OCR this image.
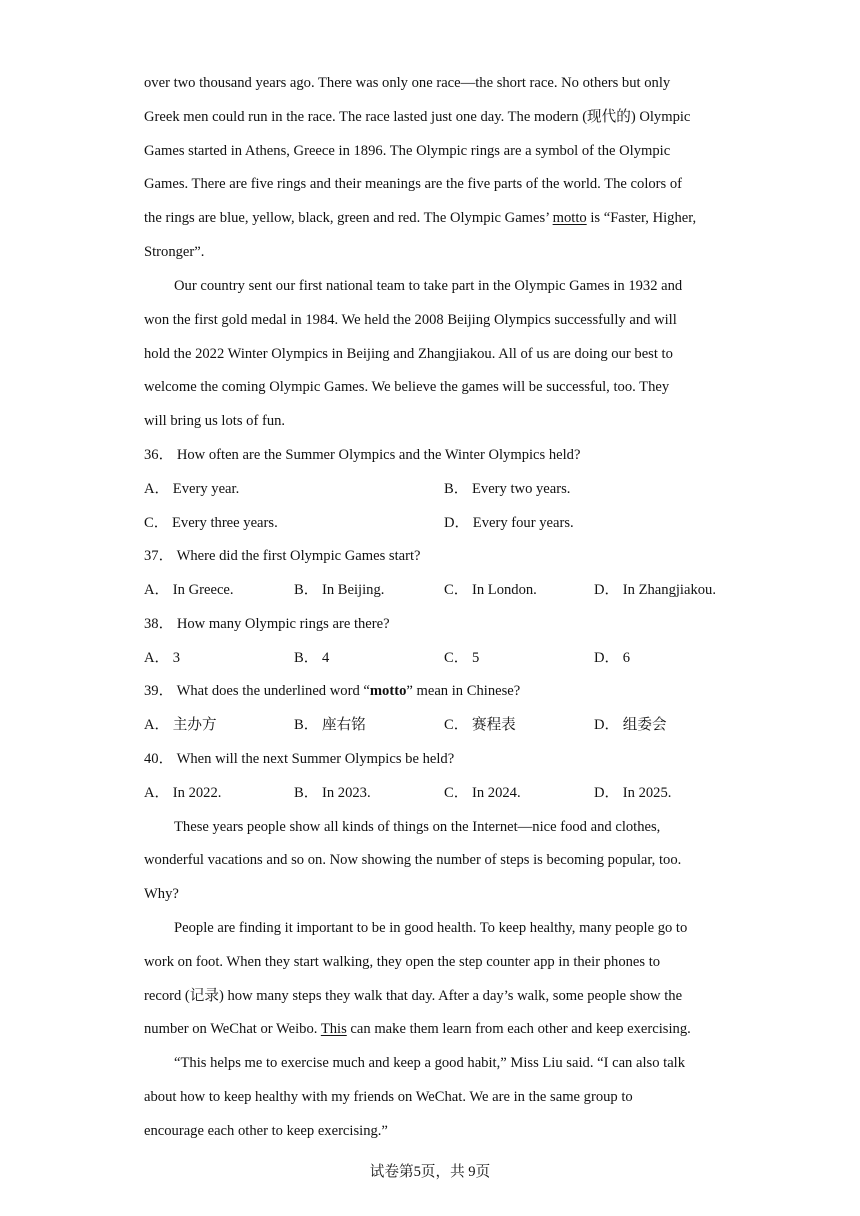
over two thousand years ago. There was only one race—the short race. No others but only
Greek men could run in the race. The race lasted just one day. The modern (现代的) Olympic
Games started in Athens, Greece in 1896. The Olympic rings are a symbol of the Olympic
Games. There are five rings and their meanings are the five parts of the world. The colors of
the rings are blue, yellow, black, green and red. The Olympic Games’ motto is “Faster, Higher,
Stronger”.
Our country sent our first national team to take part in the Olympic Games in 1932 and
won the first gold medal in 1984. We held the 2008 Beijing Olympics successfully and will
hold the 2022 Winter Olympics in Beijing and Zhangjiakou. All of us are doing our best to
welcome the coming Olympic Games. We believe the games will be successful, too. They
will bring us lots of fun.
36． How often are the Summer Olympics and the Winter Olympics held?
A． Every year.	B． Every two years.
C． Every three years.	D． Every four years.
37． Where did the first Olympic Games start?
A． In Greece.	B． In Beijing.	C． In London.	D． In Zhangjiakou.
38． How many Olympic rings are there?
A． 3	B． 4	C． 5	D． 6
39． What does the underlined word “motto” mean in Chinese?
A． 主办方	B． 座右铭	C． 赛程表	D． 组委会
40． When will the next Summer Olympics be held?
A． In 2022.	B． In 2023.	C． In 2024.	D． In 2025.
These years people show all kinds of things on the Internet—nice food and clothes,
wonderful vacations and so on. Now showing the number of steps is becoming popular, too.
Why?
People are finding it important to be in good health. To keep healthy, many people go to
work on foot. When they start walking, they open the step counter app in their phones to
record (记录) how many steps they walk that day. After a day’s walk, some people show the
number on WeChat or Weibo. This can make them learn from each other and keep exercising.
“This helps me to exercise much and keep a good habit,” Miss Liu said. “I can also talk
about how to keep healthy with my friends on WeChat. We are in the same group to
encourage each other to keep exercising.”
试卷第5页，共 9页
